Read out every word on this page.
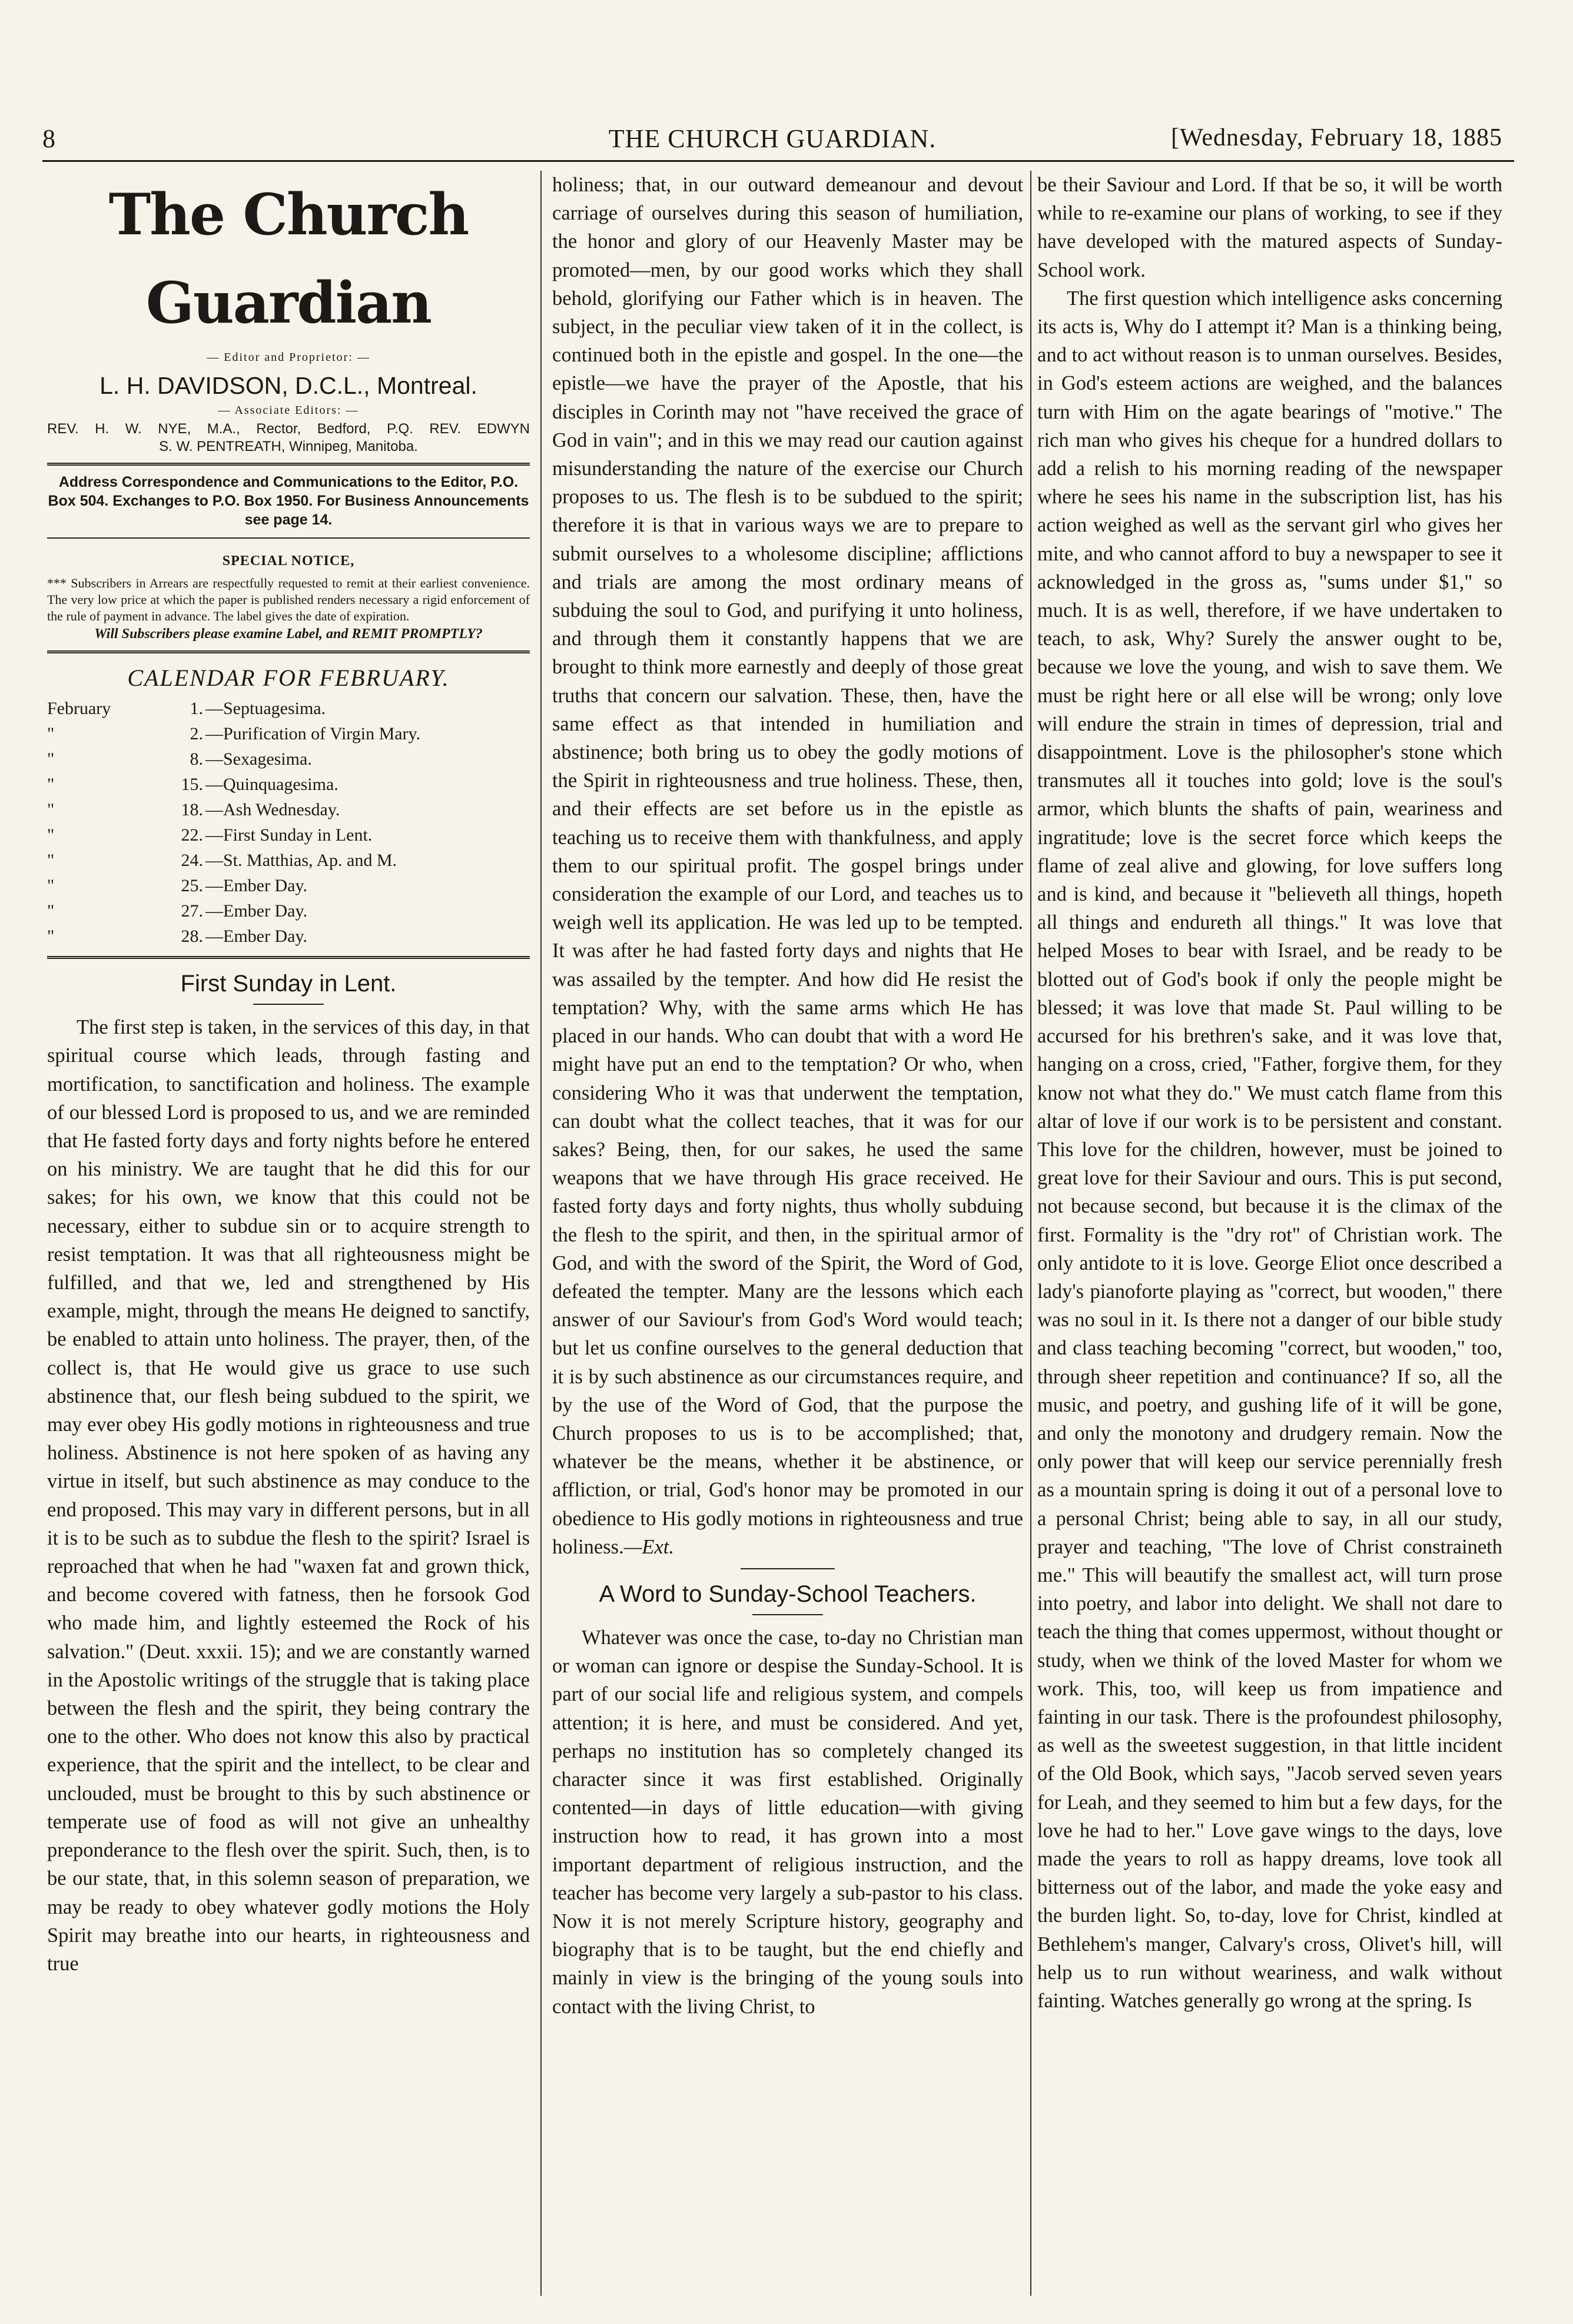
8	THE CHURCH GUARDIAN.	[Wednesday, February 18, 1885
The Church Guardian
— Editor and Proprietor: —
L. H. DAVIDSON, D.C.L., Montreal.
— Associate Editors: —
REV. H. W. NYE, M.A., Rector, Bedford, P.Q. REV. EDWYN
S. W. PENTREATH, Winnipeg, Manitoba.
Address Correspondence and Communications to the Editor, P.O. Box 504. Exchanges to P.O. Box 1950. For Business Announcements see page 14.
SPECIAL NOTICE,
*** Subscribers in Arrears are respectfully requested to remit at their earliest convenience. The very low price at which the paper is published renders necessary a rigid enforcement of the rule of payment in advance. The label gives the date of expiration.
Will Subscribers please examine Label, and REMIT PROMPTLY?
CALENDAR FOR FEBRUARY.
February	1. —Septuagesima.
"	2. —Purification of Virgin Mary.
"	8. —Sexagesima.
"	15. —Quinquagesima.
"	18. —Ash Wednesday.
"	22. —First Sunday in Lent.
"	24. —St. Matthias, Ap. and M.
"	25. —Ember Day.
"	27. —Ember Day.
"	28. —Ember Day.
First Sunday in Lent.

The first step is taken, in the services of this day, in that spiritual course which leads, through fasting and mortification, to sanctification and holiness. The example of our blessed Lord is proposed to us, and we are reminded that He fasted forty days and forty nights before he entered on his ministry. We are taught that he did this for our sakes; for his own, we know that this could not be necessary, either to subdue sin or to acquire strength to resist temptation. It was that all righteousness might be fulfilled, and that we, led and strengthened by His example, might, through the means He deigned to sanctify, be enabled to attain unto holiness. The prayer, then, of the collect is, that He would give us grace to use such abstinence that, our flesh being subdued to the spirit, we may ever obey His godly motions in righteousness and true holiness. Abstinence is not here spoken of as having any virtue in itself, but such abstinence as may conduce to the end proposed. This may vary in different persons, but in all it is to be such as to subdue the flesh to the spirit? Israel is reproached that when he had "waxen fat and grown thick, and become covered with fatness, then he forsook God who made him, and lightly esteemed the Rock of his salvation." (Deut. xxxii. 15); and we are constantly warned in the Apostolic writings of the struggle that is taking place between the flesh and the spirit, they being contrary the one to the other. Who does not know this also by practical experience, that the spirit and the intellect, to be clear and unclouded, must be brought to this by such abstinence or temperate use of food as will not give an unhealthy preponderance to the flesh over the spirit. Such, then, is to be our state, that, in this solemn season of preparation, we may be ready to obey whatever godly motions the Holy Spirit may breathe into our hearts, in righteousness and true

holiness; that, in our outward demeanour and devout carriage of ourselves during this season of humiliation, the honor and glory of our Heavenly Master may be promoted—men, by our good works which they shall behold, glorifying our Father which is in heaven. The subject, in the peculiar view taken of it in the collect, is continued both in the epistle and gospel. In the one—the epistle—we have the prayer of the Apostle, that his disciples in Corinth may not "have received the grace of God in vain"; and in this we may read our caution against misunderstanding the nature of the exercise our Church proposes to us. The flesh is to be subdued to the spirit; therefore it is that in various ways we are to prepare to submit ourselves to a wholesome discipline; afflictions and trials are among the most ordinary means of subduing the soul to God, and purifying it unto holiness, and through them it constantly happens that we are brought to think more earnestly and deeply of those great truths that concern our salvation. These, then, have the same effect as that intended in humiliation and abstinence; both bring us to obey the godly motions of the Spirit in righteousness and true holiness. These, then, and their effects are set before us in the epistle as teaching us to receive them with thankfulness, and apply them to our spiritual profit. The gospel brings under consideration the example of our Lord, and teaches us to weigh well its application. He was led up to be tempted. It was after he had fasted forty days and nights that He was assailed by the tempter. And how did He resist the temptation? Why, with the same arms which He has placed in our hands. Who can doubt that with a word He might have put an end to the temptation? Or who, when considering Who it was that underwent the temptation, can doubt what the collect teaches, that it was for our sakes? Being, then, for our sakes, he used the same weapons that we have through His grace received. He fasted forty days and forty nights, thus wholly subduing the flesh to the spirit, and then, in the spiritual armor of God, and with the sword of the Spirit, the Word of God, defeated the tempter. Many are the lessons which each answer of our Saviour's from God's Word would teach; but let us confine ourselves to the general deduction that it is by such abstinence as our circumstances require, and by the use of the Word of God, that the purpose the Church proposes to us is to be accomplished; that, whatever be the means, whether it be abstinence, or affliction, or trial, God's honor may be promoted in our obedience to His godly motions in righteousness and true holiness.—Ext.

A Word to Sunday-School Teachers.

Whatever was once the case, to-day no Christian man or woman can ignore or despise the Sunday-School. It is part of our social life and religious system, and compels attention; it is here, and must be considered. And yet, perhaps no institution has so completely changed its character since it was first established. Originally contented—in days of little education—with giving instruction how to read, it has grown into a most important department of religious instruction, and the teacher has become very largely a sub-pastor to his class. Now it is not merely Scripture history, geography and biography that is to be taught, but the end chiefly and mainly in view is the bringing of the young souls into contact with the living Christ, to

be their Saviour and Lord. If that be so, it will be worth while to re-examine our plans of working, to see if they have developed with the matured aspects of Sunday-School work.

The first question which intelligence asks concerning its acts is, Why do I attempt it? Man is a thinking being, and to act without reason is to unman ourselves. Besides, in God's esteem actions are weighed, and the balances turn with Him on the agate bearings of "motive." The rich man who gives his cheque for a hundred dollars to add a relish to his morning reading of the newspaper where he sees his name in the subscription list, has his action weighed as well as the servant girl who gives her mite, and who cannot afford to buy a newspaper to see it acknowledged in the gross as, "sums under $1," so much. It is as well, therefore, if we have undertaken to teach, to ask, Why? Surely the answer ought to be, because we love the young, and wish to save them. We must be right here or all else will be wrong; only love will endure the strain in times of depression, trial and disappointment. Love is the philosopher's stone which transmutes all it touches into gold; love is the soul's armor, which blunts the shafts of pain, weariness and ingratitude; love is the secret force which keeps the flame of zeal alive and glowing, for love suffers long and is kind, and because it "believeth all things, hopeth all things and endureth all things." It was love that helped Moses to bear with Israel, and be ready to be blotted out of God's book if only the people might be blessed; it was love that made St. Paul willing to be accursed for his brethren's sake, and it was love that, hanging on a cross, cried, "Father, forgive them, for they know not what they do." We must catch flame from this altar of love if our work is to be persistent and constant. This love for the children, however, must be joined to great love for their Saviour and ours. This is put second, not because second, but because it is the climax of the first. Formality is the "dry rot" of Christian work. The only antidote to it is love. George Eliot once described a lady's pianoforte playing as "correct, but wooden," there was no soul in it. Is there not a danger of our bible study and class teaching becoming "correct, but wooden," too, through sheer repetition and continuance? If so, all the music, and poetry, and gushing life of it will be gone, and only the monotony and drudgery remain. Now the only power that will keep our service perennially fresh as a mountain spring is doing it out of a personal love to a personal Christ; being able to say, in all our study, prayer and teaching, "The love of Christ constraineth me." This will beautify the smallest act, will turn prose into poetry, and labor into delight. We shall not dare to teach the thing that comes uppermost, without thought or study, when we think of the loved Master for whom we work. This, too, will keep us from impatience and fainting in our task. There is the profoundest philosophy, as well as the sweetest suggestion, in that little incident of the Old Book, which says, "Jacob served seven years for Leah, and they seemed to him but a few days, for the love he had to her." Love gave wings to the days, love made the years to roll as happy dreams, love took all bitterness out of the labor, and made the yoke easy and the burden light. So, to-day, love for Christ, kindled at Bethlehem's manger, Calvary's cross, Olivet's hill, will help us to run without weariness, and walk without fainting. Watches generally go wrong at the spring. Is
